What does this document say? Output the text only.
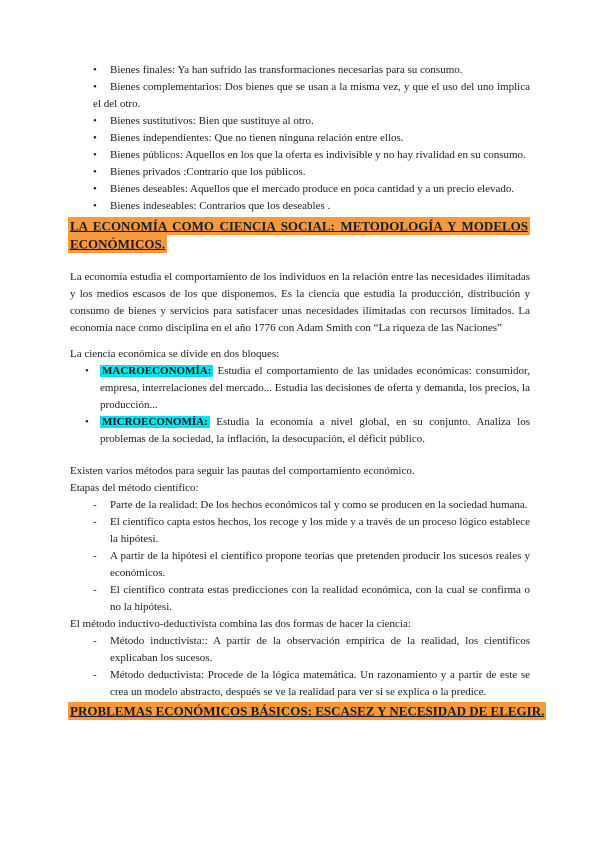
•Bienes finales: Ya han sufrido las transformaciones necesarias para su consumo.
•Bienes complementarios: Dos bienes que se usan a la misma vez, y que el uso del uno implica el del otro.
•Bienes sustitutivos: Bien que sustituye al otro.
•Bienes independientes: Que no tienen ninguna relación entre ellos.
•Bienes públicos: Aquellos en los que la oferta es indivisible y no hay rivalidad en su consumo.
•Bienes privados :Contrario que los públicos.
•Bienes deseables: Aquellos que el mercado produce en poca cantidad y a un precio elevado.
•Bienes indeseables: Contrarios que los deseables .
LA ECONOMÍA COMO CIENCIA SOCIAL: METODOLOGÍA Y MODELOS ECONÓMICOS.

La economía estudia el comportamiento de los individuos en la relación entre las necesidades ilimitadas y los medios escasos de los que disponemos. Es la ciencia que estudia la producción, distribución y consumo de bienes y servicios para satisfacer unas necesidades ilimitadas con recursos limitados. La economía nace como disciplina en el año 1776 con Adam Smith con “La riqueza de las Naciones”

La ciencia económica se divide en dos bloques:

•
MACROECONOMÍA: Estudia el comportamiento de las unidades económicas: consumidor, empresa, interrelaciones del mercado... Estudia las decisiones de oferta y demanda, los precios, la producción...
•
MICROECONOMÍA: Estudia la economía a nivel global, en su conjunto. Analiza los problemas de la sociedad, la inflación, la desocupación, el déficit público.

Existen varios métodos para seguir las pautas del comportamiento económico.

Etapas del método científico:

-
Parte de la realidad: De los hechos económicos tal y como se producen en la sociedad humana.
-
El científico capta estos hechos, los recoge y los mide y a través de un proceso lógico establece la hipótesi.
-
A partir de la hipótesi el científico propone teorías que pretenden producir los sucesos reales y económicos.
-
El científico contrata estas predicciones con la realidad económica, con la cual se confirma o no la hipótesi.

El método inductivo-deductivista combina las dos formas de hacer la ciencia:

-
Método inductivista:: A partir de la observación empírica de la realidad, los científicos explicaban los sucesos.
-
Método deductivista: Procede de la lógica matemática. Un razonamiento y a partir de este se crea un modelo abstracto, después se ve la realidad para ver si se explica o la predice.
PROBLEMAS ECONÓMICOS BÁSICOS: ESCASEZ Y NECESIDAD DE ELEGIR.
